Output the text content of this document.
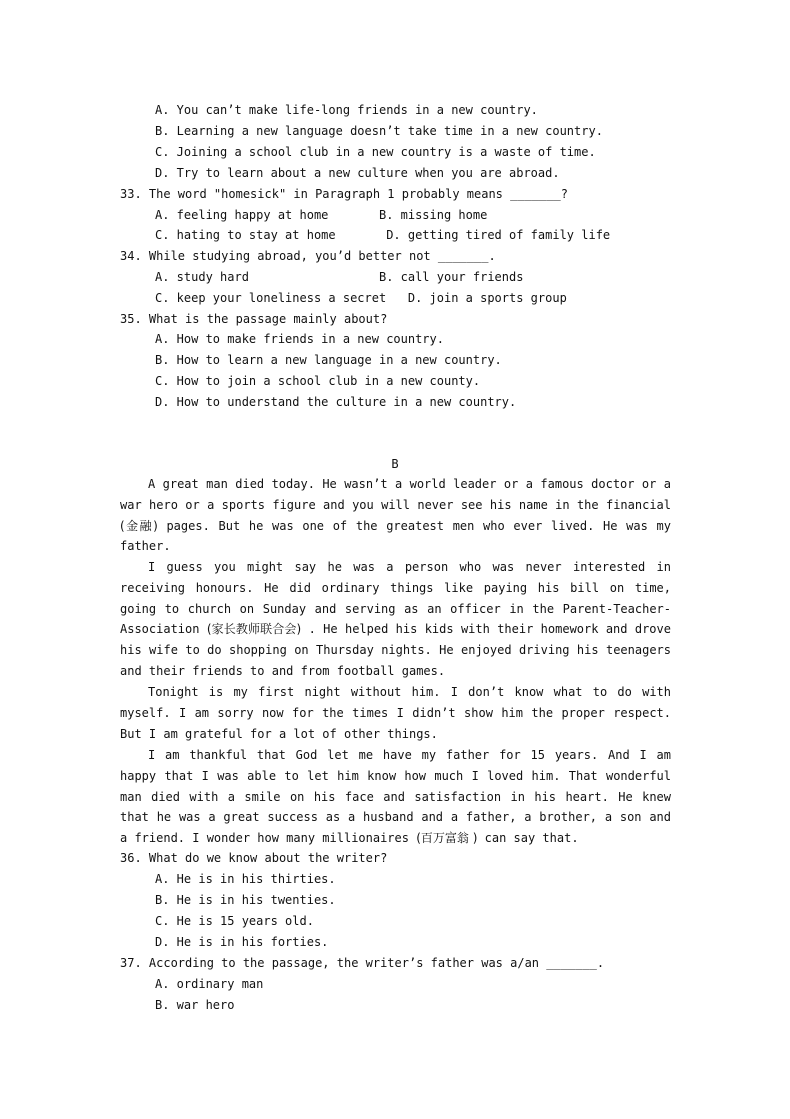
A. You can’t make life-long friends in a new country.
B. Learning a new language doesn’t take time in a new country.
C. Joining a school club in a new country is a waste of time.
D. Try to learn about a new culture when you are abroad.
33. The word "homesick" in Paragraph 1 probably means _______?
A. feeling happy at home       B. missing home
C. hating to stay at home       D. getting tired of family life
34. While studying abroad, you’d better not _______.
A. study hard                  B. call your friends
C. keep your loneliness a secret   D. join a sports group
35. What is the passage mainly about?
A. How to make friends in a new country.
B. How to learn a new language in a new country.
C. How to join a school club in a new county.
D. How to understand the culture in a new country.
B
A great man died today. He wasn’t a world leader or a famous doctor or a war hero or a sports figure and you will never see his name in the financial (金融) pages. But he was one of the greatest men who ever lived. He was my father.
I guess you might say he was a person who was never interested in receiving honours. He did ordinary things like paying his bill on time, going to church on Sunday and serving as an officer in the Parent-Teacher-Association (家长教师联合会) . He helped his kids with their homework and drove his wife to do shopping on Thursday nights. He enjoyed driving his teenagers and their friends to and from football games.
Tonight is my first night without him. I don’t know what to do with myself. I am sorry now for the times I didn’t show him the proper respect. But I am grateful for a lot of other things.
I am thankful that God let me have my father for 15 years. And I am happy that I was able to let him know how much I loved him. That wonderful man died with a smile on his face and satisfaction in his heart. He knew that he was a great success as a husband and a father, a brother, a son and a friend. I wonder how many millionaires (百万富翁 ) can say that.
36. What do we know about the writer?
A. He is in his thirties.
B. He is in his twenties.
C. He is 15 years old.
D. He is in his forties.
37. According to the passage, the writer’s father was a/an _______.
A. ordinary man
B. war hero
